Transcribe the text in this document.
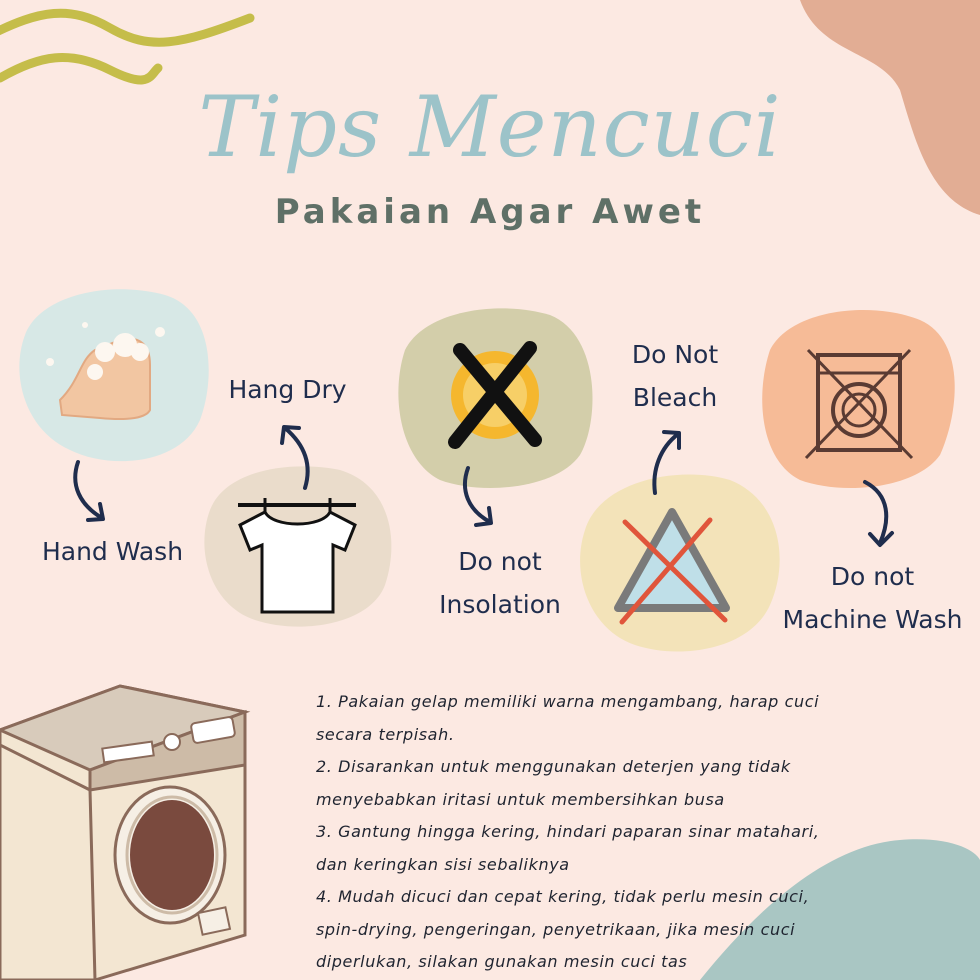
Tips Mencuci
Pakaian Agar Awet
Hand Wash
Hang Dry
Do not
Insolation
Do Not
Bleach
Do not
Machine Wash
1. Pakaian gelap memiliki warna mengambang, harap cuci
secara terpisah.
2. Disarankan untuk menggunakan deterjen yang tidak
menyebabkan iritasi untuk membersihkan busa
3. Gantung hingga kering, hindari paparan sinar matahari,
dan keringkan sisi sebaliknya
4. Mudah dicuci dan cepat kering, tidak perlu mesin cuci,
spin-drying, pengeringan, penyetrikaan, jika mesin cuci
diperlukan, silakan gunakan mesin cuci tas
